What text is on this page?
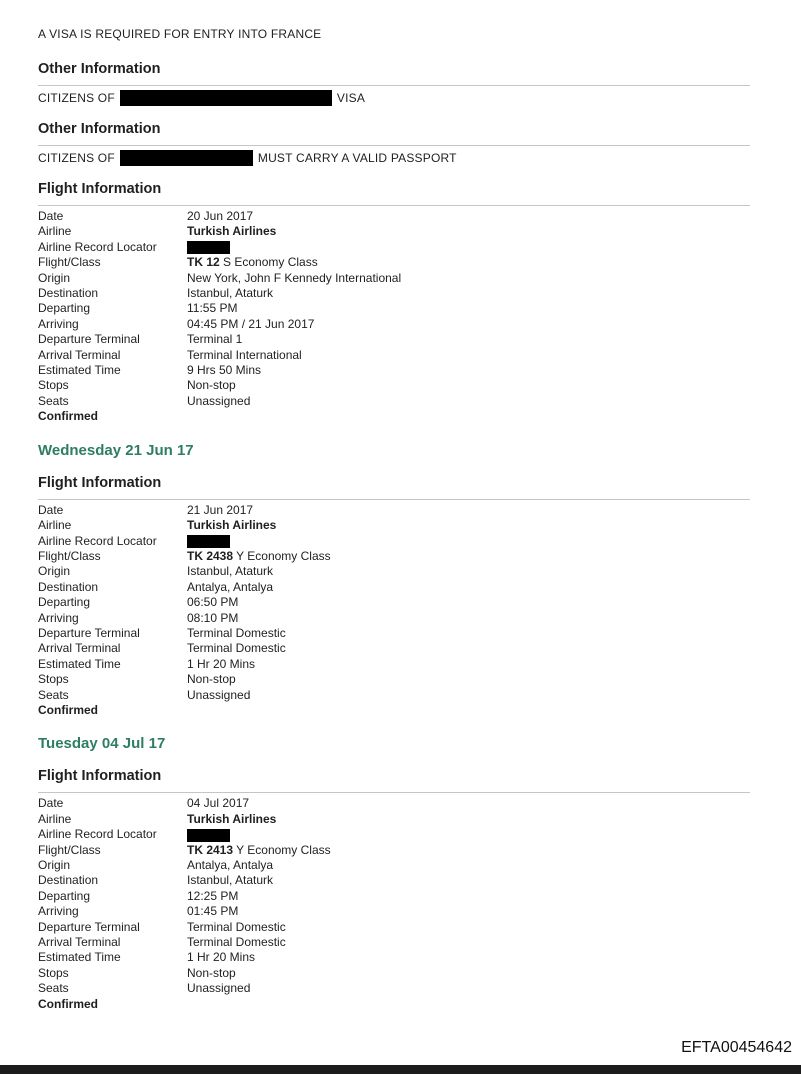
A VISA IS REQUIRED FOR ENTRY INTO FRANCE

Other Information
CITIZENS OF	VISA
Other Information
CITIZENS OF	MUST CARRY A VALID PASSPORT
Flight Information
Date	20 Jun 2017
Airline	Turkish Airlines
Airline Record Locator
Flight/Class	TK 12 S Economy Class
Origin	New York, John F Kennedy International
Destination	Istanbul, Ataturk
Departing	11:55 PM
Arriving	04:45 PM / 21 Jun 2017
Departure Terminal	Terminal 1
Arrival Terminal	Terminal International
Estimated Time	9 Hrs 50 Mins
Stops	Non-stop
Seats	Unassigned
Confirmed
Wednesday 21 Jun 17
Flight Information
Date	21 Jun 2017
Airline	Turkish Airlines
Airline Record Locator
Flight/Class	TK 2438 Y Economy Class
Origin	Istanbul, Ataturk
Destination	Antalya, Antalya
Departing	06:50 PM
Arriving	08:10 PM
Departure Terminal	Terminal Domestic
Arrival Terminal	Terminal Domestic
Estimated Time	1 Hr 20 Mins
Stops	Non-stop
Seats	Unassigned
Confirmed
Tuesday 04 Jul 17
Flight Information
Date	04 Jul 2017
Airline	Turkish Airlines
Airline Record Locator
Flight/Class	TK 2413 Y Economy Class
Origin	Antalya, Antalya
Destination	Istanbul, Ataturk
Departing	12:25 PM
Arriving	01:45 PM
Departure Terminal	Terminal Domestic
Arrival Terminal	Terminal Domestic
Estimated Time	1 Hr 20 Mins
Stops	Non-stop
Seats	Unassigned
Confirmed
EFTA00454642
